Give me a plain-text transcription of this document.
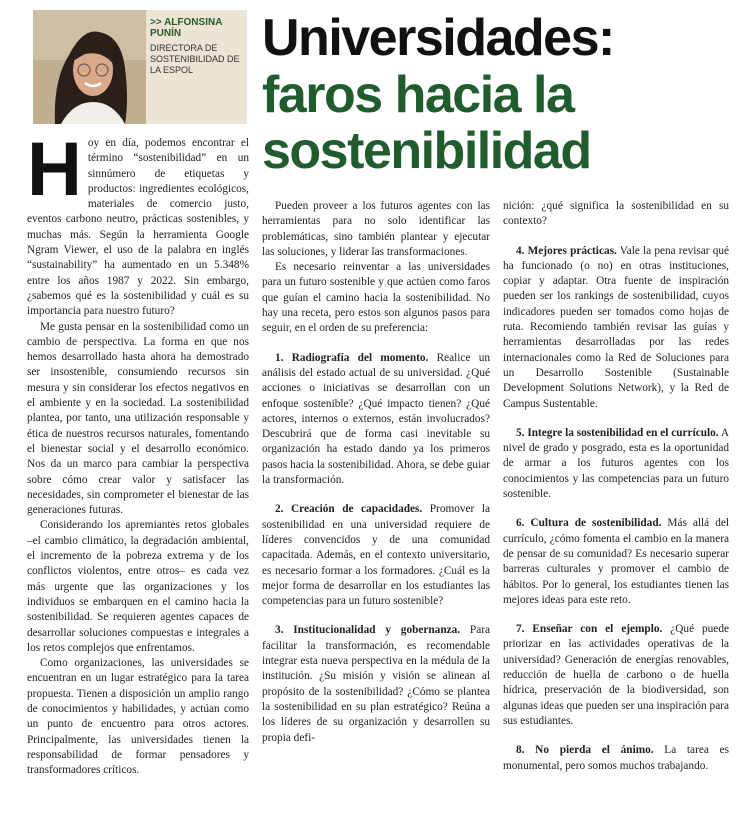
>> ALFONSINA PUNÍN
DIRECTORA DE SOSTENIBILIDAD DE LA ESPOL
Universidades:
faros hacia la sostenibilidad

Hoy en día, podemos encontrar el término “sostenibilidad” en un sinnúmero de etiquetas y productos: ingredientes ecológicos, materiales de comercio justo, eventos carbono neutro, prácticas sostenibles, y muchas más. Según la herramienta Google Ngram Viewer, el uso de la palabra en inglés “sustainability” ha aumentado en un 5.348% entre los años 1987 y 2022. Sin embargo, ¿sabemos qué es la sostenibilidad y cuál es su importancia para nuestro futuro?

Me gusta pensar en la sostenibilidad como un cambio de perspectiva. La forma en que nos hemos desarrollado hasta ahora ha demostrado ser insostenible, consumiendo recursos sin mesura y sin considerar los efectos negativos en el ambiente y en la sociedad. La sostenibilidad plantea, por tanto, una utilización responsable y ética de nuestros recursos naturales, fomentando el bienestar social y el desarrollo económico. Nos da un marco para cambiar la perspectiva sobre cómo crear valor y satisfacer las necesidades, sin comprometer el bienestar de las generaciones futuras.

Considerando los apremiantes retos globales –el cambio climático, la degradación ambiental, el incremento de la pobreza extrema y de los conflictos violentos, entre otros– es cada vez más urgente que las organizaciones y los individuos se embarquen en el camino hacia la sostenibilidad. Se requieren agentes capaces de desarrollar soluciones compuestas e integrales a los retos complejos que enfrentamos.

Como organizaciones, las universidades se encuentran en un lugar estratégico para la tarea propuesta. Tienen a disposición un amplio rango de conocimientos y habilidades, y actúan como un punto de encuentro para otros actores. Principalmente, las universidades tienen la responsabilidad de formar pensadores y transformadores críticos.

Pueden proveer a los futuros agentes con las herramientas para no solo identificar las problemáticas, sino también plantear y ejecutar las soluciones, y liderar las transformaciones.

Es necesario reinventar a las universidades para un futuro sostenible y que actúen como faros que guían el camino hacia la sostenibilidad. No hay una receta, pero estos son algunos pasos para seguir, en el orden de su preferencia:

1. Radiografía del momento. Realice un análisis del estado actual de su universidad. ¿Qué acciones o iniciativas se desarrollan con un enfoque sostenible? ¿Qué impacto tienen? ¿Qué actores, internos o externos, están involucrados? Descubrirá que de forma casi inevitable su organización ha estado dando ya los primeros pasos hacia la sostenibilidad. Ahora, se debe guiar la transformación.

2. Creación de capacidades. Promover la sostenibilidad en una universidad requiere de líderes convencidos y de una comunidad capacitada. Además, en el contexto universitario, es necesario formar a los formadores. ¿Cuál es la mejor forma de desarrollar en los estudiantes las competencias para un futuro sostenible?

3. Institucionalidad y gobernanza. Para facilitar la transformación, es recomendable integrar esta nueva perspectiva en la médula de la institución. ¿Su misión y visión se alinean al propósito de la sostenibilidad? ¿Cómo se plantea la sostenibilidad en su plan estratégico? Reúna a los líderes de su organización y desarrollen su propia defi-

nición: ¿qué significa la sostenibilidad en su contexto?

4. Mejores prácticas. Vale la pena revisar qué ha funcionado (o no) en otras instituciones, copiar y adaptar. Otra fuente de inspiración pueden ser los rankings de sostenibilidad, cuyos indicadores pueden ser tomados como hojas de ruta. Recomiendo también revisar las guías y herramientas desarrolladas por las redes internacionales como la Red de Soluciones para un Desarrollo Sostenible (Sustainable Development Solutions Network), y la Red de Campus Sustentable.

5. Integre la sostenibilidad en el currículo. A nivel de grado y posgrado, esta es la oportunidad de armar a los futuros agentes con los conocimientos y las competencias para un futuro sostenible.

6. Cultura de sostenibilidad. Más allá del currículo, ¿cómo fomenta el cambio en la manera de pensar de su comunidad? Es necesario superar barreras culturales y promover el cambio de hábitos. Por lo general, los estudiantes tienen las mejores ideas para este reto.

7. Enseñar con el ejemplo. ¿Qué puede priorizar en las actividades operativas de la universidad? Generación de energías renovables, reducción de huella de carbono o de huella hídrica, preservación de la biodiversidad, son algunas ideas que pueden ser una inspiración para sus estudiantes.

8. No pierda el ánimo. La tarea es monumental, pero somos muchos trabajando.
